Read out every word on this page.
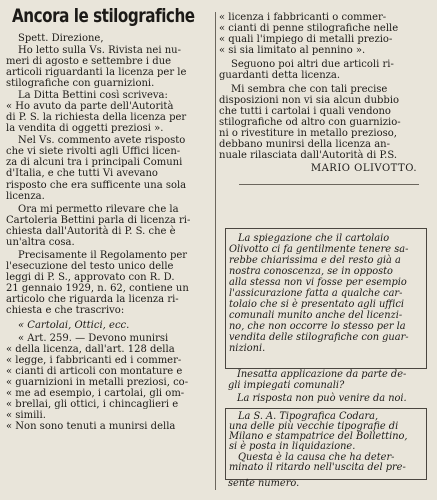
Ancora le stilografiche
Spett. Direzione,
Ho letto sulla Vs. Rivista nei nu-
meri di agosto e settembre i due
articoli riguardanti la licenza per le
stilografiche con guarnizioni.
La Ditta Bettini così scriveva:
« Ho avuto da parte dell'Autorità
di P. S. la richiesta della licenza per
la vendita di oggetti preziosi ».
Nel Vs. commento avete risposto
che vi siete rivolti agli Uffici licen-
za di alcuni tra i principali Comuni
d'Italia, e che tutti Vi avevano
risposto che era sufficente una sola
licenza.
Ora mi permetto rilevare che la
Cartoleria Bettini parla di licenza ri-
chiesta dall'Autorità di P. S. che è
un'altra cosa.
Precisamente il Regolamento per
l'esecuzione del testo unico delle
leggi di P. S., approvato con R. D.
21 gennaio 1929, n. 62, contiene un
articolo che riguarda la licenza ri-
chiesta e che trascrivo:
« Cartolai, Ottici, ecc.
« Art. 259. — Devono munirsi
« della licenza, dall'art. 128 della
« legge, i fabbricanti ed i commer-
« cianti di articoli con montature e
« guarnizioni in metalli preziosi, co-
« me ad esempio, i cartolai, gli om-
« brellai, gli ottici, i chincaglieri e
« simili.
« Non sono tenuti a munirsi della
« licenza i fabbricanti o commer-
« cianti di penne stilografiche nelle
« quali l'impiego di metalli prezio-
« si sia limitato al pennino ».
Seguono poi altri due articoli ri-
guardanti detta licenza.
Mi sembra che con tali precise
disposizioni non vi sia alcun dubbio
che tutti i cartolai i quali vendono
stilografiche od altro con guarnizio-
ni o rivestiture in metallo prezioso,
debbano munirsi della licenza an-
nuale rilasciata dall'Autorità di P.S.
MARIO OLIVOTTO.
La spiegazione che il cartolaio
Olivotto ci fa gentilmente tenere sa-
rebbe chiarissima e del resto già a
nostra conoscenza, se in opposto
alla stessa non vi fosse per esempio
l'assicurazione fatta a qualche car-
tolaio che si è presentato agli uffici
comunali munito anche del licenzi-
no, che non occorre lo stesso per la
vendita delle stilografiche con guar-
nizioni.
Inesatta applicazione da parte de-
gli impiegati comunali?
La risposta non può venire da noi.
La S. A. Tipografica Codara,
una delle più vecchie tipografie di
Milano e stampatrice del Bollettino,
si è posta in liquidazione.
Questa è la causa che ha deter-
minato il ritardo nell'uscita del pre-
sente numero.
